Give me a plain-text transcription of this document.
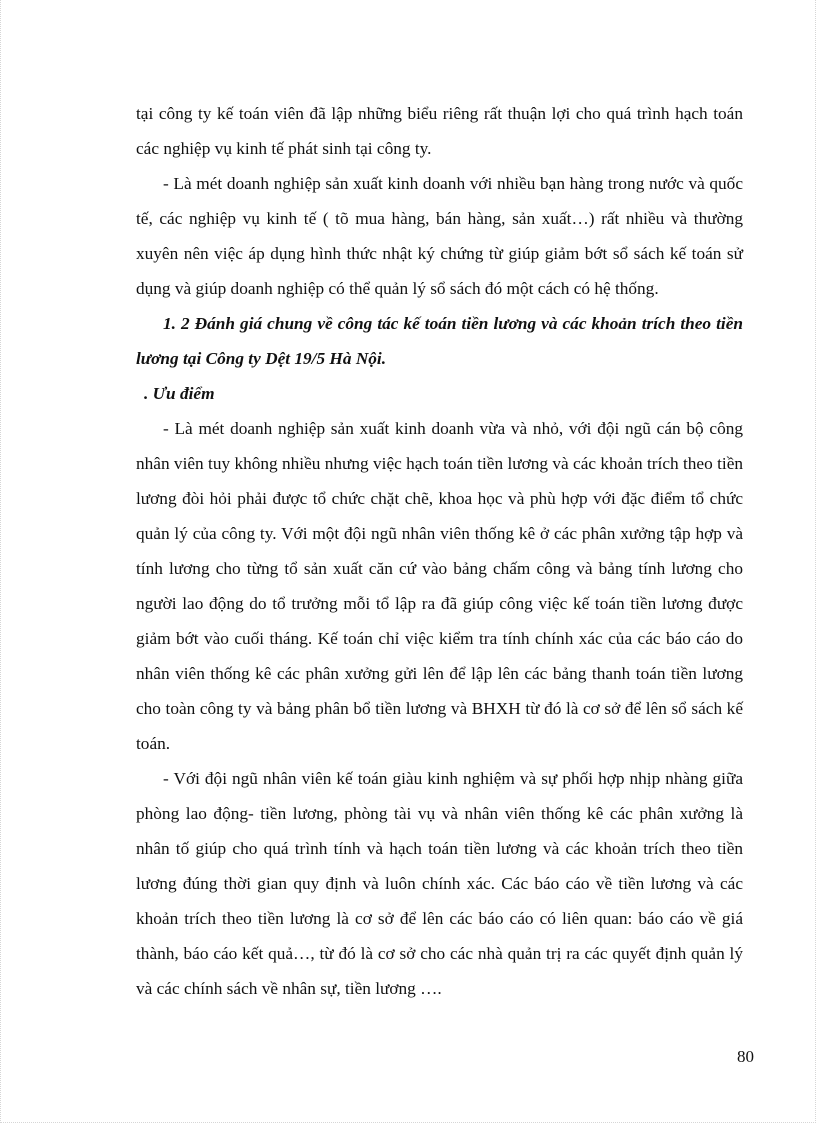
tại công ty kế toán viên đã lập những biểu riêng rất thuận lợi cho quá trình hạch toán các nghiệp vụ kinh tế phát sinh tại công ty.

- Là mét doanh nghiệp sản xuất kinh doanh với nhiều bạn hàng trong nước và quốc tế, các nghiệp vụ kinh tế ( tõ mua hàng, bán hàng, sản xuất…) rất nhiều và thường xuyên nên việc áp dụng hình thức nhật ký chứng từ giúp giảm bớt sổ sách kế toán sử dụng và giúp doanh nghiệp có thể quản lý sổ sách đó một cách có hệ thống.

1. 2 Đánh giá chung về công tác kế toán tiền lương và các khoản trích theo tiền lương tại Công ty Dệt 19/5 Hà Nội.

. Ưu điểm

- Là mét doanh nghiệp sản xuất kinh doanh vừa và nhỏ, với đội ngũ cán bộ công nhân viên tuy không nhiều nhưng việc hạch toán tiền lương và các khoản trích theo tiền lương đòi hỏi phải được tổ chức chặt chẽ, khoa học và phù hợp với đặc điểm tổ chức quản lý của công ty. Với một đội ngũ nhân viên thống kê ở các phân xưởng tập hợp và tính lương cho từng tổ sản xuất căn cứ vào bảng chấm công và bảng tính lương cho người lao động do tổ trưởng mỗi tổ lập ra đã giúp công việc kế toán tiền lương được giảm bớt vào cuối tháng. Kế toán chỉ việc kiểm tra tính chính xác của các báo cáo do nhân viên thống kê các phân xưởng gửi lên để lập lên các bảng thanh toán tiền lương cho toàn công ty và bảng phân bổ tiền lương và BHXH từ đó là cơ sở để lên sổ sách kế toán.

- Với đội ngũ nhân viên kế toán giàu kinh nghiệm và sự phối hợp nhịp nhàng giữa phòng lao động- tiền lương, phòng tài vụ và nhân viên thống kê các phân xưởng là nhân tố giúp cho quá trình tính và hạch toán tiền lương và các khoản trích theo tiền lương đúng thời gian quy định và luôn chính xác. Các báo cáo về tiền lương và các khoản trích theo tiền lương là cơ sở để lên các báo cáo có liên quan: báo cáo về giá thành, báo cáo kết quả…, từ đó là cơ sở cho các nhà quản trị ra các quyết định quản lý và các chính sách về nhân sự, tiền lương ….

80
